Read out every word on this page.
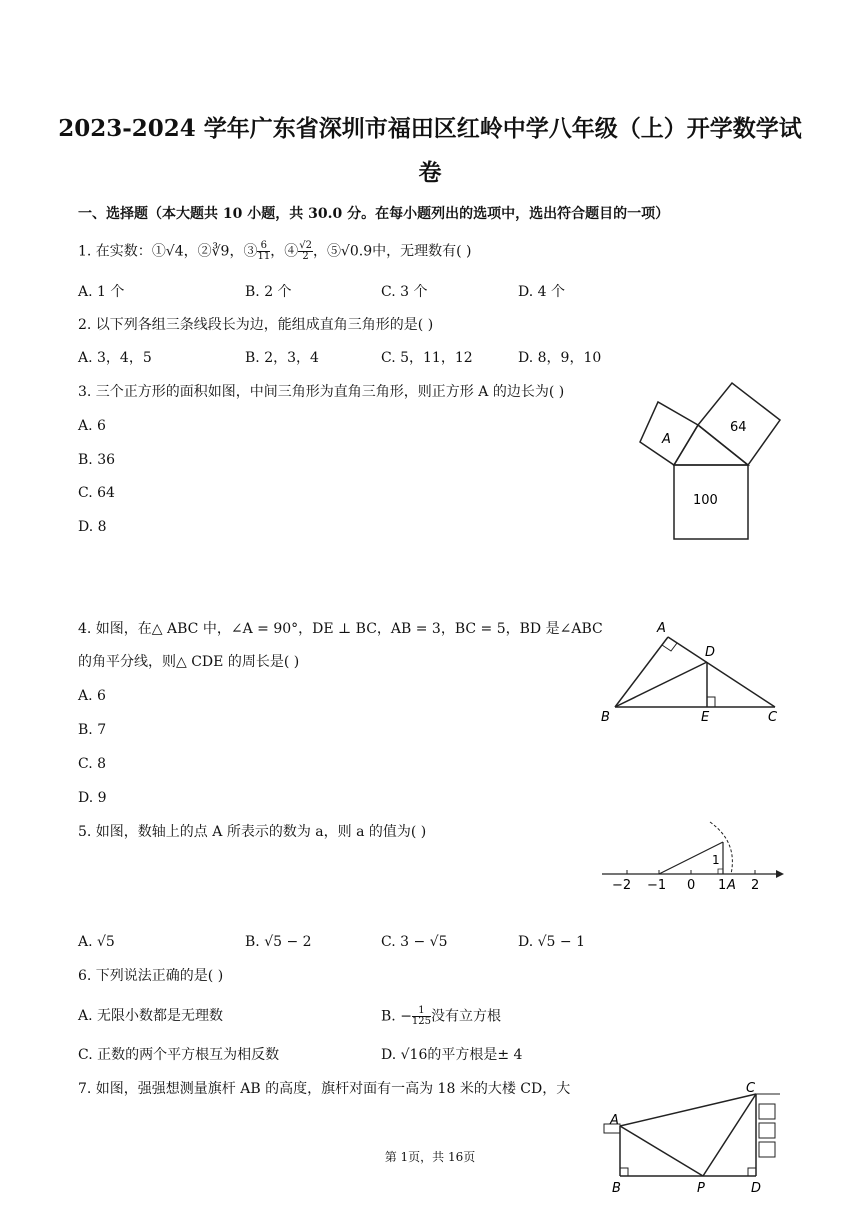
2023-2024 学年广东省深圳市福田区红岭中学八年级（上）开学数学试
卷
一、选择题（本大题共 10 小题，共 30.0 分。在每小题列出的选项中，选出符合题目的一项）
1. 在实数：①√4，②∛9，③ $\frac{6}{11}$ ，④ $\frac{√2}{2}$ ，⑤√0.9中，无理数有( )
A. 1 个	B. 2 个	C. 3 个	D. 4 个
2. 以下列各组三条线段长为边，能组成直角三角形的是( )
A. 3，4，5	B. 2，3，4	C. 5，11，12	D. 8，9，10
3. 三个正方形的面积如图，中间三角形为直角三角形，则正方形 A 的边长为( )
A. 6
B. 36
C. 64
D. 8
A
64
100
4. 如图，在△ ABC 中，∠A = 90°，DE ⊥ BC，AB = 3，BC = 5，BD 是∠ABC
的角平分线，则△ CDE 的周长是( )
A. 6
B. 7
C. 8
D. 9
A
B	C
D
E
5. 如图，数轴上的点 A 所表示的数为 a，则 a 的值为( )
−2 −1 0 1 2
A
1
A. √5	B. √5 − 2	C. 3 − √5	D. √5 − 1
6. 下列说法正确的是( )
A. 无限小数都是无理数	B. − $\frac{1}{125}$ 没有立方根
C. 正数的两个平方根互为相反数	D. √16的平方根是± 4
7. 如图，强强想测量旗杆 AB 的高度，旗杆对面有一高为 18 米的大楼 CD，大
A
B
C
D
P
第 1页，共 16页
